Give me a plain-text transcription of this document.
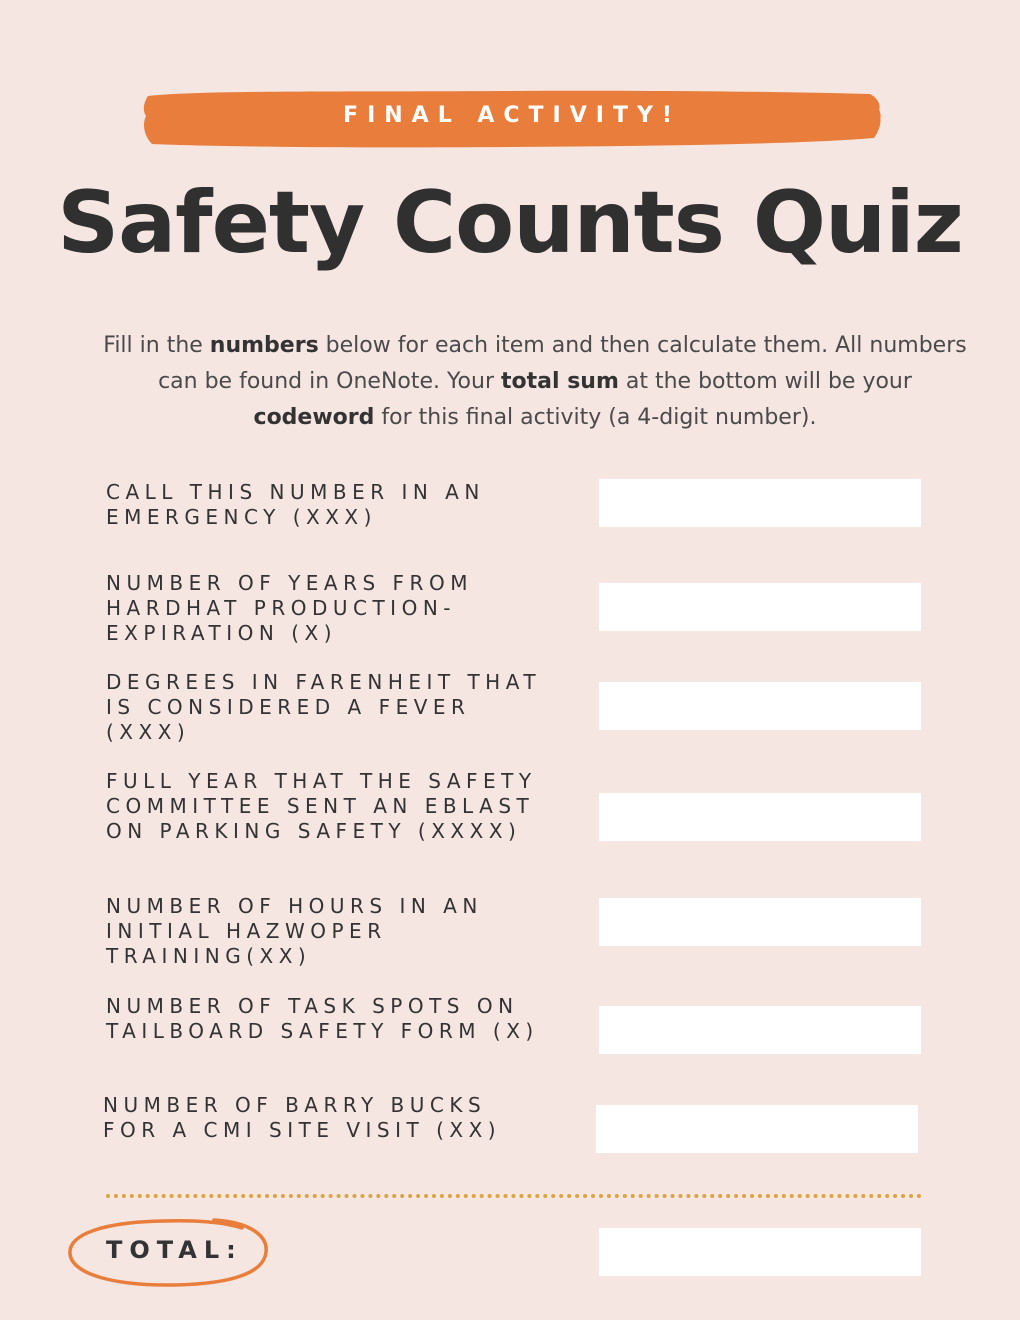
FINAL ACTIVITY!
Safety Counts Quiz

Fill in the numbers below for each item and then calculate them. All numbers can be found in OneNote. Your total sum at the bottom will be your codeword for this final activity (a 4-digit number).

CALL THIS NUMBER IN AN EMERGENCY (XXX)
NUMBER OF YEARS FROM HARDHAT PRODUCTION-EXPIRATION (X)
DEGREES IN FARENHEIT THAT IS CONSIDERED A FEVER (XXX)
FULL YEAR THAT THE SAFETY COMMITTEE SENT AN EBLAST ON PARKING SAFETY (XXXX)
NUMBER OF HOURS IN AN INITIAL HAZWOPER TRAINING(XX)
NUMBER OF TASK SPOTS ON TAILBOARD SAFETY FORM (X)
NUMBER OF BARRY BUCKS FOR A CMI SITE VISIT (XX)
TOTAL:
